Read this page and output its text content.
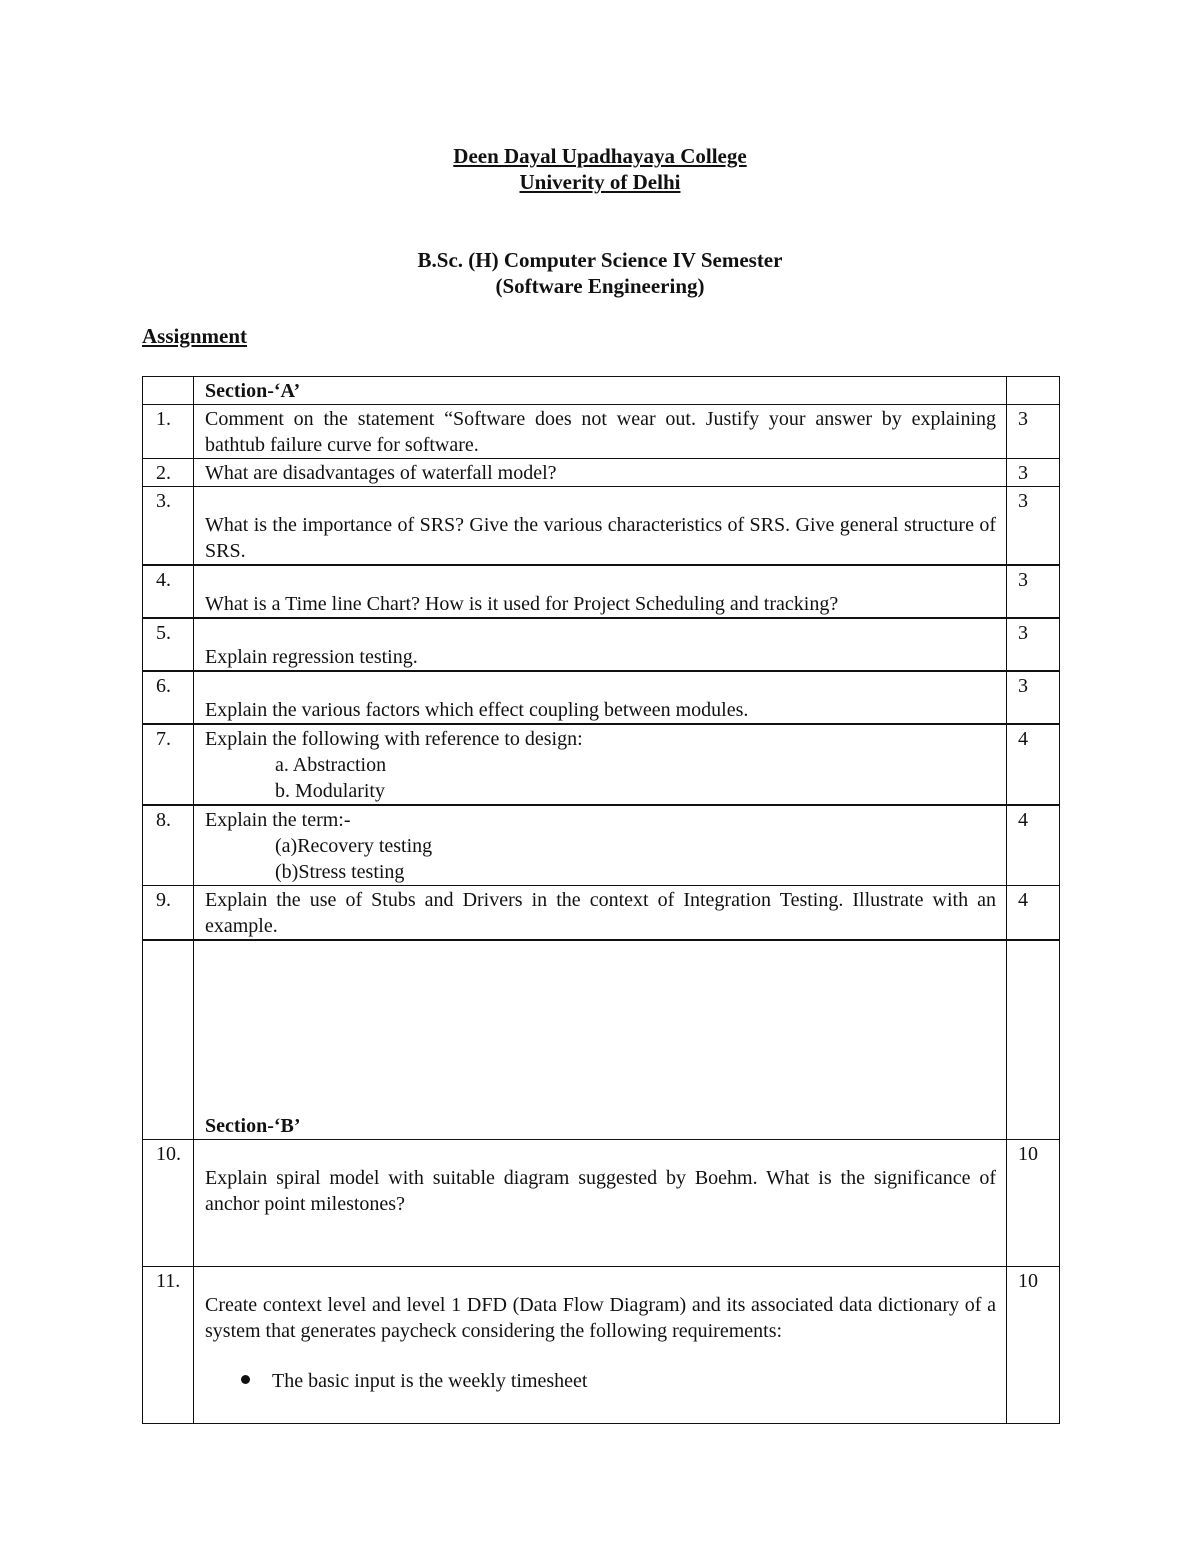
Deen Dayal Upadhayaya College
Univerity of Delhi
B.Sc. (H) Computer Science IV Semester
(Software Engineering)
Assignment
	Section-‘A’	
1.	Comment on the statement “Software does not wear out. Justify your answer by explaining bathtub failure curve for software.	3
2.	What are disadvantages of waterfall model?	3
3.	What is the importance of SRS? Give the various characteristics of SRS. Give general structure of SRS.	3
4.	What is a Time line Chart? How is it used for Project Scheduling and tracking?	3
5.	Explain regression testing.	3
6.	Explain the various factors which effect coupling between modules.	3
7.	Explain the following with reference to design:
a. Abstraction
b. Modularity	4
8.	Explain the term:-
(a)Recovery testing
(b)Stress testing	4
9.	Explain the use of Stubs and Drivers in the context of Integration Testing. Illustrate with an example.	4
	Section-‘B’	
10.	Explain spiral model with suitable diagram suggested by Boehm. What is the significance of anchor point milestones?	10
11.	Create context level and level 1 DFD (Data Flow Diagram) and its associated data dictionary of a system that generates paycheck considering the following requirements:
The basic input is the weekly timesheet	10
